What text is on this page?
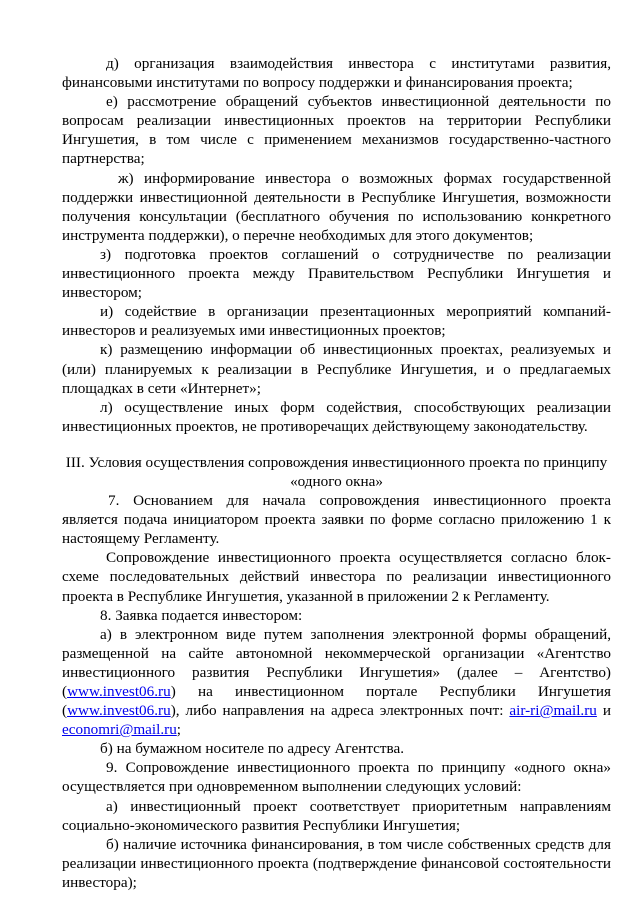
д) организация взаимодействия инвестора с институтами развития, финансовыми институтами по вопросу поддержки и финансирования проекта;

е) рассмотрение обращений субъектов инвестиционной деятельности по вопросам реализации инвестиционных проектов на территории Республики Ингушетия, в том числе с применением механизмов государственно-частного партнерства;

ж) информирование инвестора о возможных формах государственной поддержки инвестиционной деятельности в Республике Ингушетия, возможности получения консультации (бесплатного обучения по использованию конкретного инструмента поддержки), о перечне необходимых для этого документов;

з) подготовка проектов соглашений о сотрудничестве по реализации инвестиционного проекта между Правительством Республики Ингушетия и инвестором;

и) содействие в организации презентационных мероприятий компаний-инвесторов и реализуемых ими инвестиционных проектов;

к) размещению информации об инвестиционных проектах, реализуемых и (или) планируемых к реализации в Республике Ингушетия, и о предлагаемых площадках в сети «Интернет»;

л) осуществление иных форм содействия, способствующих реализации инвестиционных проектов, не противоречащих действующему законодательству.

III. Условия осуществления сопровождения инвестиционного проекта по принципу «одного окна»

7. Основанием для начала сопровождения инвестиционного проекта является подача инициатором проекта заявки по форме согласно приложению 1 к настоящему Регламенту.

Сопровождение инвестиционного проекта осуществляется согласно блок-схеме последовательных действий инвестора по реализации инвестиционного проекта в Республике Ингушетия, указанной в приложении 2 к Регламенту.

8. Заявка подается инвестором:

а) в электронном виде путем заполнения электронной формы обращений, размещенной на сайте автономной некоммерческой организации «Агентство инвестиционного развития Республики Ингушетия» (далее – Агентство) (www.invest06.ru) на инвестиционном портале Республики Ингушетия (www.invest06.ru), либо направления на адреса электронных почт: air-ri@mail.ru и economri@mail.ru;

б) на бумажном носителе по адресу Агентства.

9. Сопровождение инвестиционного проекта по принципу «одного окна» осуществляется при одновременном выполнении следующих условий:

а) инвестиционный проект соответствует приоритетным направлениям социально-экономического развития Республики Ингушетия;

б) наличие источника финансирования, в том числе собственных средств для реализации инвестиционного проекта (подтверждение финансовой состоятельности инвестора);
